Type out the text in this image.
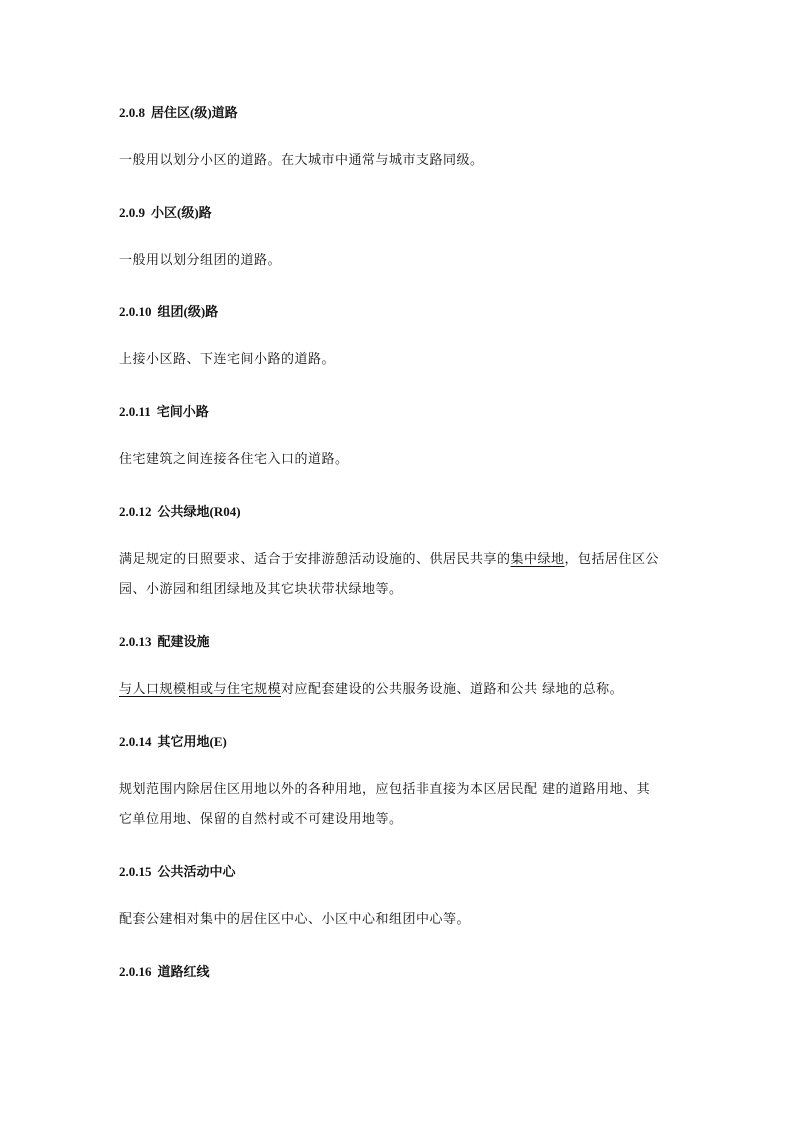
2.0.8 居住区(级)道路
一般用以划分小区的道路。在大城市中通常与城市支路同级。
2.0.9 小区(级)路
一般用以划分组团的道路。
2.0.10 组团(级)路
上接小区路、下连宅间小路的道路。
2.0.11 宅间小路
住宅建筑之间连接各住宅入口的道路。
2.0.12 公共绿地(R04)
满足规定的日照要求、适合于安排游憩活动设施的、供居民共享的集中绿地，包括居住区公
园、小游园和组团绿地及其它块状带状绿地等。
2.0.13 配建设施
与人口规模相或与住宅规模对应配套建设的公共服务设施、道路和公共 绿地的总称。
2.0.14 其它用地(E)
规划范围内除居住区用地以外的各种用地，应包括非直接为本区居民配 建的道路用地、其
它单位用地、保留的自然村或不可建设用地等。
2.0.15 公共活动中心
配套公建相对集中的居住区中心、小区中心和组团中心等。
2.0.16 道路红线
